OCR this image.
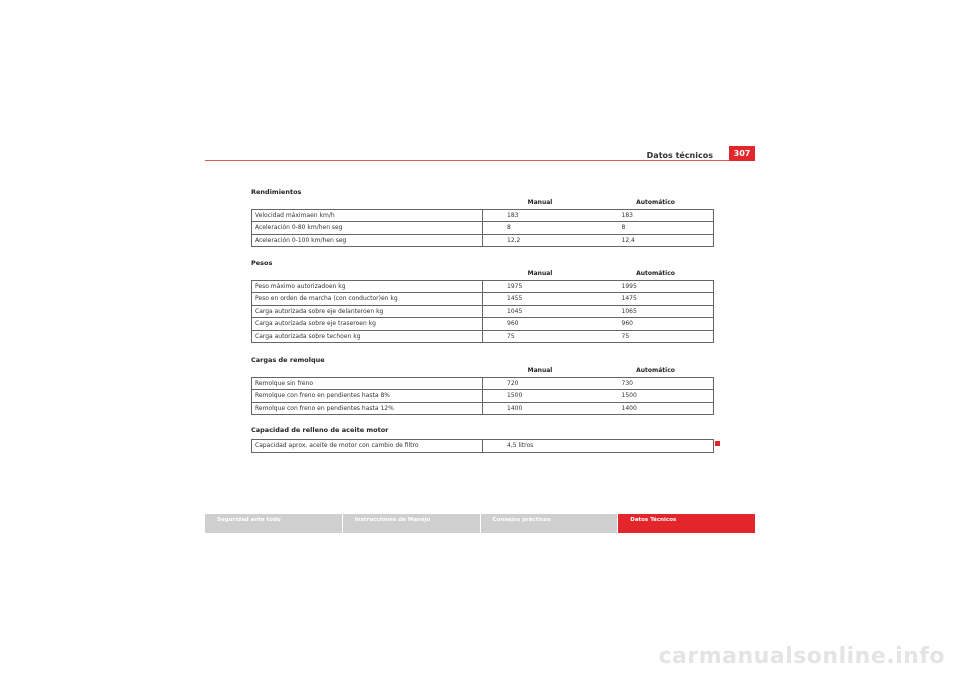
Datos técnicos	307
Rendimientos
	Manual	Automático

Velocidad máximaen km/h	183	183

Aceleración 0-80 km/hen seg	8	8

Aceleración 0-100 km/hen seg	12,2	12,4
Pesos
	Manual	Automático

Peso máximo autorizadoen kg	1975	1995

Peso en orden de marcha (con conductor)en kg	1455	1475

Carga autorizada sobre eje delanteroen kg	1045	1065

Carga autorizada sobre eje traseroen kg	960	960

Carga autorizada sobre techoen kg	75	75
Cargas de remolque
	Manual	Automático
Remolque sin freno	720	730
Remolque con freno en pendientes hasta 8%	1500	1500
Remolque con freno en pendientes hasta 12%	1400	1400
Capacidad de relleno de aceite motor
Capacidad aprox. aceite de motor con cambio de filtro	4,5 litros	
Seguridad ante todo	Instrucciones de Manejo	Consejos prácticos	Datos Técnicos
carmanualsonline.info
